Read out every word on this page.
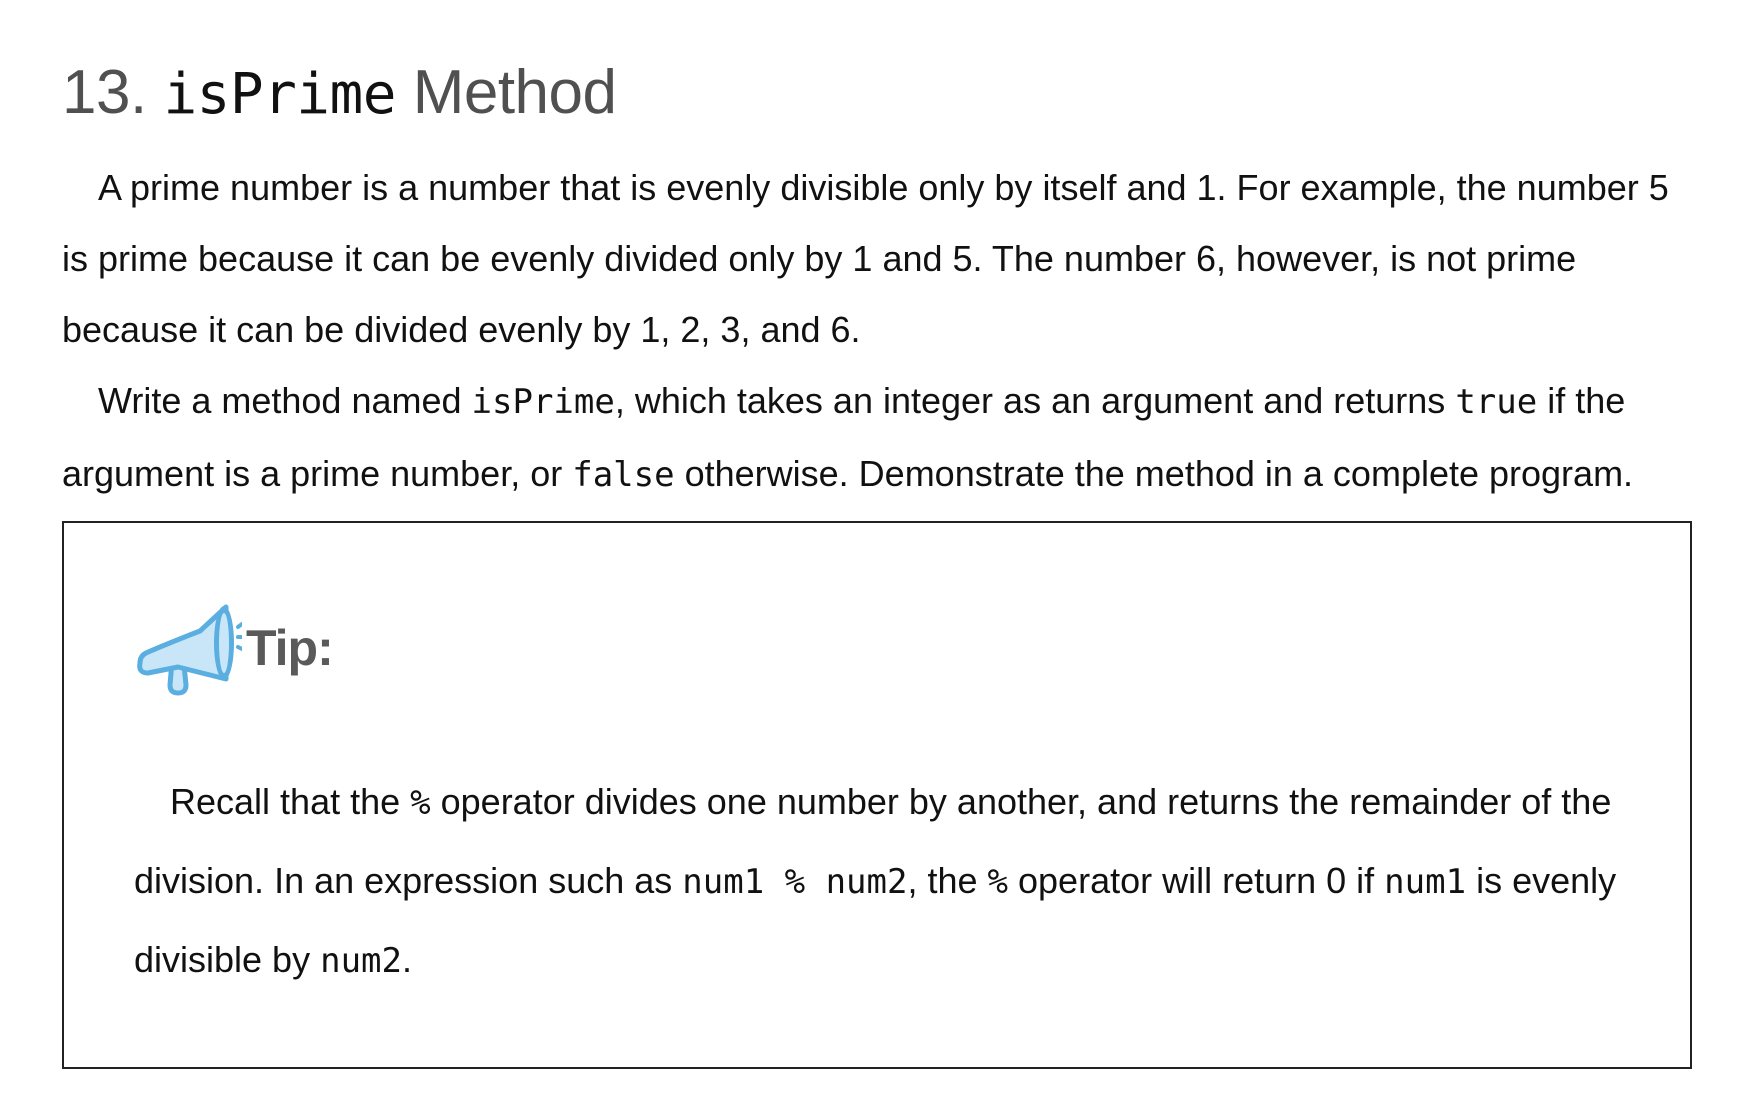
13. isPrime Method

A prime number is a number that is evenly divisible only by itself and 1. For example, the number 5 is prime because it can be evenly divided only by 1 and 5. The number 6, however, is not prime because it can be divided evenly by 1, 2, 3, and 6.

Write a method named isPrime, which takes an integer as an argument and returns true if the argument is a prime number, or false otherwise. Demonstrate the method in a complete program.

Tip:

Recall that the % operator divides one number by another, and returns the remainder of the division. In an expression such as num1 % num2, the % operator will return 0 if num1 is evenly divisible by num2.
